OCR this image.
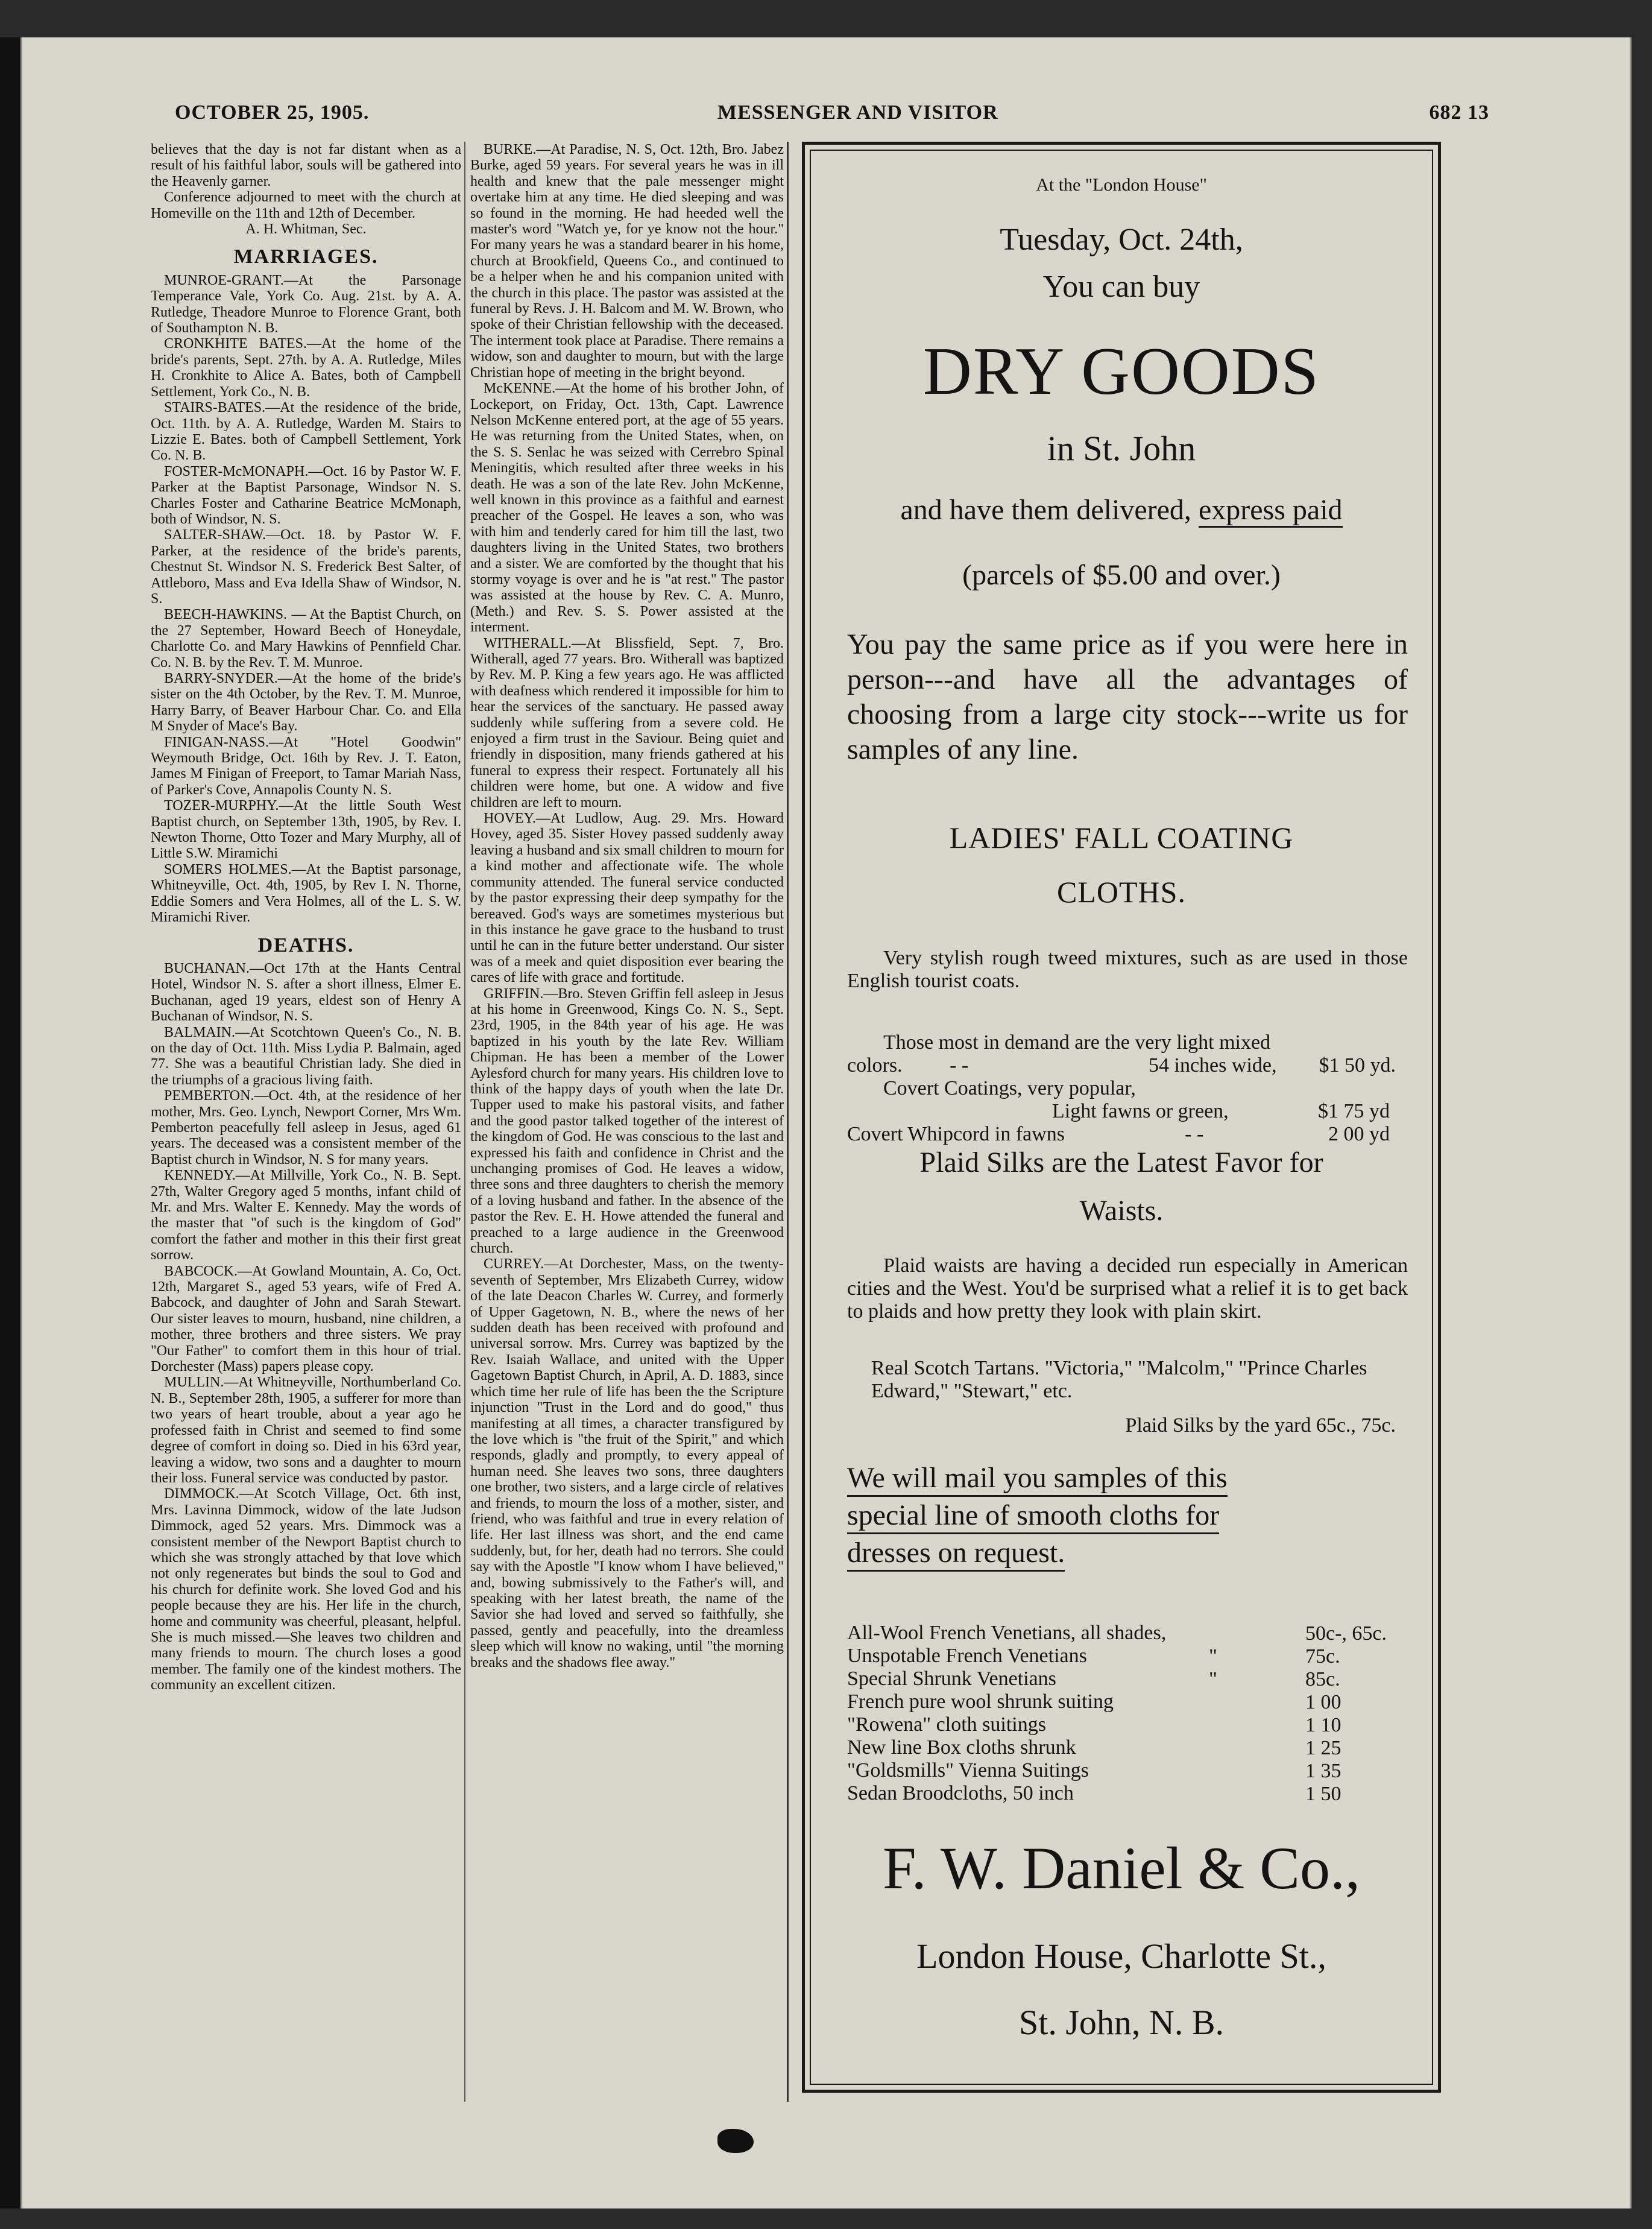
OCTOBER 25, 1905.	MESSENGER AND VISITOR	682 13

believes that the day is not far distant when as a result of his faithful labor, souls will be gathered into the Heavenly garner.

Conference adjourned to meet with the church at Homeville on the 11th and 12th of December.

A. H. Whitman, Sec.

MARRIAGES.

MUNROE-GRANT.—At the Parsonage Temperance Vale, York Co. Aug. 21st. by A. A. Rutledge, Theadore Munroe to Florence Grant, both of Southampton N. B.

CRONKHITE BATES.—At the home of the bride's parents, Sept. 27th. by A. A. Rutledge, Miles H. Cronkhite to Alice A. Bates, both of Campbell Settlement, York Co., N. B.

STAIRS-BATES.—At the residence of the bride, Oct. 11th. by A. A. Rutledge, Warden M. Stairs to Lizzie E. Bates. both of Campbell Settlement, York Co. N. B.

FOSTER-McMONAPH.—Oct. 16 by Pastor W. F. Parker at the Baptist Parsonage, Windsor N. S. Charles Foster and Catharine Beatrice McMonaph, both of Windsor, N. S.

SALTER-SHAW.—Oct. 18. by Pastor W. F. Parker, at the residence of the bride's parents, Chestnut St. Windsor N. S. Frederick Best Salter, of Attleboro, Mass and Eva Idella Shaw of Windsor, N. S.

BEECH-HAWKINS. — At the Baptist Church, on the 27 September, Howard Beech of Honeydale, Charlotte Co. and Mary Hawkins of Pennfield Char. Co. N. B. by the Rev. T. M. Munroe.

BARRY-SNYDER.—At the home of the bride's sister on the 4th October, by the Rev. T. M. Munroe, Harry Barry, of Beaver Harbour Char. Co. and Ella M Snyder of Mace's Bay.

FINIGAN-NASS.—At "Hotel Goodwin" Weymouth Bridge, Oct. 16th by Rev. J. T. Eaton, James M Finigan of Freeport, to Tamar Mariah Nass, of Parker's Cove, Annapolis County N. S.

TOZER-MURPHY.—At the little South West Baptist church, on September 13th, 1905, by Rev. I. Newton Thorne, Otto Tozer and Mary Murphy, all of Little S.W. Miramichi

SOMERS HOLMES.—At the Baptist parsonage, Whitneyville, Oct. 4th, 1905, by Rev I. N. Thorne, Eddie Somers and Vera Holmes, all of the L. S. W. Miramichi River.

DEATHS.

BUCHANAN.—Oct 17th at the Hants Central Hotel, Windsor N. S. after a short illness, Elmer E. Buchanan, aged 19 years, eldest son of Henry A Buchanan of Windsor, N. S.

BALMAIN.—At Scotchtown Queen's Co., N. B. on the day of Oct. 11th. Miss Lydia P. Balmain, aged 77. She was a beautiful Christian lady. She died in the triumphs of a gracious living faith.

PEMBERTON.—Oct. 4th, at the residence of her mother, Mrs. Geo. Lynch, Newport Corner, Mrs Wm. Pemberton peacefully fell asleep in Jesus, aged 61 years. The deceased was a consistent member of the Baptist church in Windsor, N. S for many years.

KENNEDY.—At Millville, York Co., N. B. Sept. 27th, Walter Gregory aged 5 months, infant child of Mr. and Mrs. Walter E. Kennedy. May the words of the master that "of such is the kingdom of God" comfort the father and mother in this their first great sorrow.

BABCOCK.—At Gowland Mountain, A. Co, Oct. 12th, Margaret S., aged 53 years, wife of Fred A. Babcock, and daughter of John and Sarah Stewart. Our sister leaves to mourn, husband, nine children, a mother, three brothers and three sisters. We pray "Our Father" to comfort them in this hour of trial. Dorchester (Mass) papers please copy.

MULLIN.—At Whitneyville, Northumberland Co. N. B., September 28th, 1905, a sufferer for more than two years of heart trouble, about a year ago he professed faith in Christ and seemed to find some degree of comfort in doing so. Died in his 63rd year, leaving a widow, two sons and a daughter to mourn their loss. Funeral service was conducted by pastor.

DIMMOCK.—At Scotch Village, Oct. 6th inst, Mrs. Lavinna Dimmock, widow of the late Judson Dimmock, aged 52 years. Mrs. Dimmock was a consistent member of the Newport Baptist church to which she was strongly attached by that love which not only regenerates but binds the soul to God and his church for definite work. She loved God and his people because they are his. Her life in the church, home and community was cheerful, pleasant, helpful. She is much missed.—She leaves two children and many friends to mourn. The church loses a good member. The family one of the kindest mothers. The community an excellent citizen.

BURKE.—At Paradise, N. S, Oct. 12th, Bro. Jabez Burke, aged 59 years. For several years he was in ill health and knew that the pale messenger might overtake him at any time. He died sleeping and was so found in the morning. He had heeded well the master's word "Watch ye, for ye know not the hour." For many years he was a standard bearer in his home, church at Brookfield, Queens Co., and continued to be a helper when he and his companion united with the church in this place. The pastor was assisted at the funeral by Revs. J. H. Balcom and M. W. Brown, who spoke of their Christian fellowship with the deceased. The interment took place at Paradise. There remains a widow, son and daughter to mourn, but with the large Christian hope of meeting in the bright beyond.

McKENNE.—At the home of his brother John, of Lockeport, on Friday, Oct. 13th, Capt. Lawrence Nelson McKenne entered port, at the age of 55 years. He was returning from the United States, when, on the S. S. Senlac he was seized with Cerrebro Spinal Meningitis, which resulted after three weeks in his death. He was a son of the late Rev. John McKenne, well known in this province as a faithful and earnest preacher of the Gospel. He leaves a son, who was with him and tenderly cared for him till the last, two daughters living in the United States, two brothers and a sister. We are comforted by the thought that his stormy voyage is over and he is "at rest." The pastor was assisted at the house by Rev. C. A. Munro, (Meth.) and Rev. S. S. Power assisted at the interment.

WITHERALL.—At Blissfield, Sept. 7, Bro. Witherall, aged 77 years. Bro. Witherall was baptized by Rev. M. P. King a few years ago. He was afflicted with deafness which rendered it impossible for him to hear the services of the sanctuary. He passed away suddenly while suffering from a severe cold. He enjoyed a firm trust in the Saviour. Being quiet and friendly in disposition, many friends gathered at his funeral to express their respect. Fortunately all his children were home, but one. A widow and five children are left to mourn.

HOVEY.—At Ludlow, Aug. 29. Mrs. Howard Hovey, aged 35. Sister Hovey passed suddenly away leaving a husband and six small children to mourn for a kind mother and affectionate wife. The whole community attended. The funeral service conducted by the pastor expressing their deep sympathy for the bereaved. God's ways are sometimes mysterious but in this instance he gave grace to the husband to trust until he can in the future better understand. Our sister was of a meek and quiet disposition ever bearing the cares of life with grace and fortitude.

GRIFFIN.—Bro. Steven Griffin fell asleep in Jesus at his home in Greenwood, Kings Co. N. S., Sept. 23rd, 1905, in the 84th year of his age. He was baptized in his youth by the late Rev. William Chipman. He has been a member of the Lower Aylesford church for many years. His children love to think of the happy days of youth when the late Dr. Tupper used to make his pastoral visits, and father and the good pastor talked together of the interest of the kingdom of God. He was conscious to the last and expressed his faith and confidence in Christ and the unchanging promises of God. He leaves a widow, three sons and three daughters to cherish the memory of a loving husband and father. In the absence of the pastor the Rev. E. H. Howe attended the funeral and preached to a large audience in the Greenwood church.

CURREY.—At Dorchester, Mass, on the twenty-seventh of September, Mrs Elizabeth Currey, widow of the late Deacon Charles W. Currey, and formerly of Upper Gagetown, N. B., where the news of her sudden death has been received with profound and universal sorrow. Mrs. Currey was baptized by the Rev. Isaiah Wallace, and united with the Upper Gagetown Baptist Church, in April, A. D. 1883, since which time her rule of life has been the the Scripture injunction "Trust in the Lord and do good," thus manifesting at all times, a character transfigured by the love which is "the fruit of the Spirit," and which responds, gladly and promptly, to every appeal of human need. She leaves two sons, three daughters one brother, two sisters, and a large circle of relatives and friends, to mourn the loss of a mother, sister, and friend, who was faithful and true in every relation of life. Her last illness was short, and the end came suddenly, but, for her, death had no terrors. She could say with the Apostle "I know whom I have believed," and, bowing submissively to the Father's will, and speaking with her latest breath, the name of the Savior she had loved and served so faithfully, she passed, gently and peacefully, into the dreamless sleep which will know no waking, until "the morning breaks and the shadows flee away."

At the "London House"
Tuesday, Oct. 24th,
You can buy
DRY GOODS
in St. John
and have them delivered, express paid
(parcels of $5.00 and over.)
You pay the same price as if you were here in person---and have all the advantages of choosing from a large city stock---write us for samples of any line.
LADIES' FALL COATING
CLOTHS.
Very stylish rough tweed mixtures, such as are used in those English tourist coats.
Those most in demand are the very light mixed
colors. - -	54 inches wide, $1 50 yd.
Covert Coatings, very popular,
Light fawns or green,	$1 75 yd
Covert Whipcord in fawns	- -	2 00 yd
Plaid Silks are the Latest Favor for
Waists.
Plaid waists are having a decided run especially in American cities and the West. You'd be surprised what a relief it is to get back to plaids and how pretty they look with plain skirt.
Real Scotch Tartans. "Victoria," "Malcolm," "Prince Charles Edward," "Stewart," etc.
Plaid Silks by the yard 65c., 75c.
We will mail you samples of this
special line of smooth cloths for
dresses on request.
All-Wool French Venetians, all shades,	50c-, 65c.
Unspotable French Venetians	"	75c.
Special Shrunk Venetians	"	85c.
French pure wool shrunk suiting	1 00
"Rowena" cloth suitings	1 10
New line Box cloths shrunk	1 25
"Goldsmills" Vienna Suitings	1 35
Sedan Broodcloths, 50 inch	1 50
F. W. Daniel & Co.,
London House, Charlotte St.,
St. John, N. B.
